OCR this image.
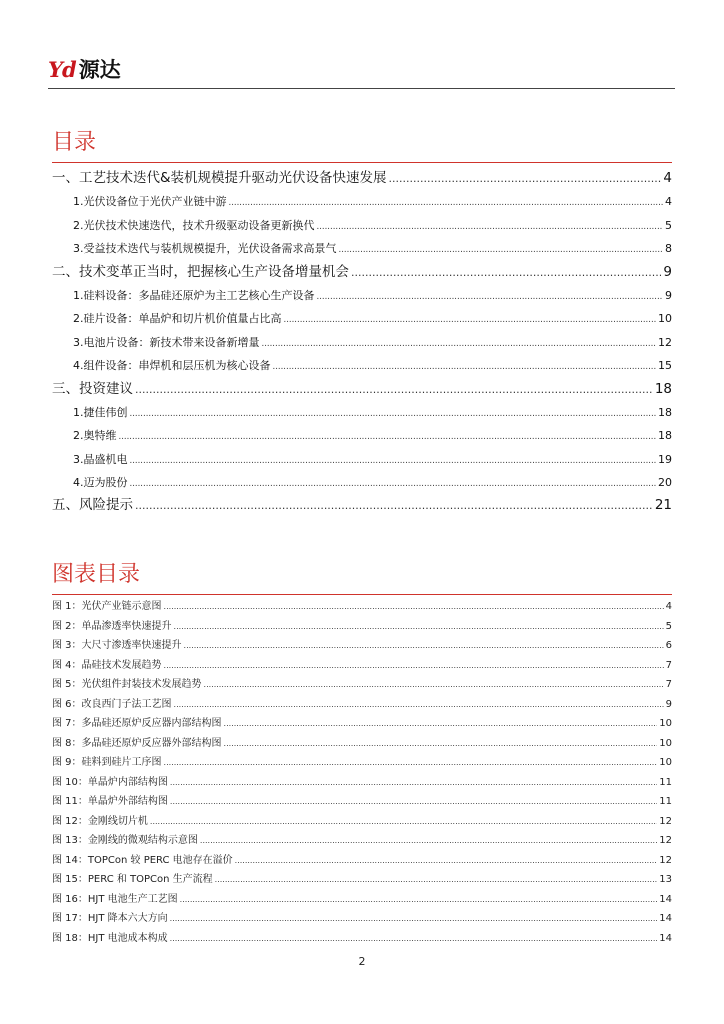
Yd 源达
目录
一、工艺技术迭代&装机规模提升驱动光伏设备快速发展 .....	4
1.光伏设备位于光伏产业链中游 .....	4
2.光伏技术快速迭代，技术升级驱动设备更新换代 .....	5
3.受益技术迭代与装机规模提升，光伏设备需求高景气 .....	8
二、技术变革正当时，把握核心生产设备增量机会 .....	9
1.硅料设备：多晶硅还原炉为主工艺核心生产设备 .....	9
2.硅片设备：单晶炉和切片机价值量占比高 .....	10
3.电池片设备：新技术带来设备新增量 .....	12
4.组件设备：串焊机和层压机为核心设备 .....	15
三、投资建议 .....	18
1.捷佳伟创 .....	18
2.奥特维 .....	18
3.晶盛机电 .....	19
4.迈为股份 .....	20
五、风险提示 .....	21
图表目录
图 1：光伏产业链示意图 .....	4
图 2：单晶渗透率快速提升 .....	5
图 3：大尺寸渗透率快速提升 .....	6
图 4：晶硅技术发展趋势 .....	7
图 5：光伏组件封装技术发展趋势 .....	7
图 6：改良西门子法工艺图 .....	9
图 7：多晶硅还原炉反应器内部结构图 .....	10
图 8：多晶硅还原炉反应器外部结构图 .....	10
图 9：硅料到硅片工序图 .....	10
图 10：单晶炉内部结构图 .....	11
图 11：单晶炉外部结构图 .....	11
图 12：金刚线切片机 .....	12
图 13：金刚线的微观结构示意图 .....	12
图 14：TOPCon 较 PERC 电池存在溢价 .....	12
图 15：PERC 和 TOPCon 生产流程 .....	13
图 16：HJT 电池生产工艺图 .....	14
图 17：HJT 降本六大方向 .....	14
图 18：HJT 电池成本构成 .....	14
2
